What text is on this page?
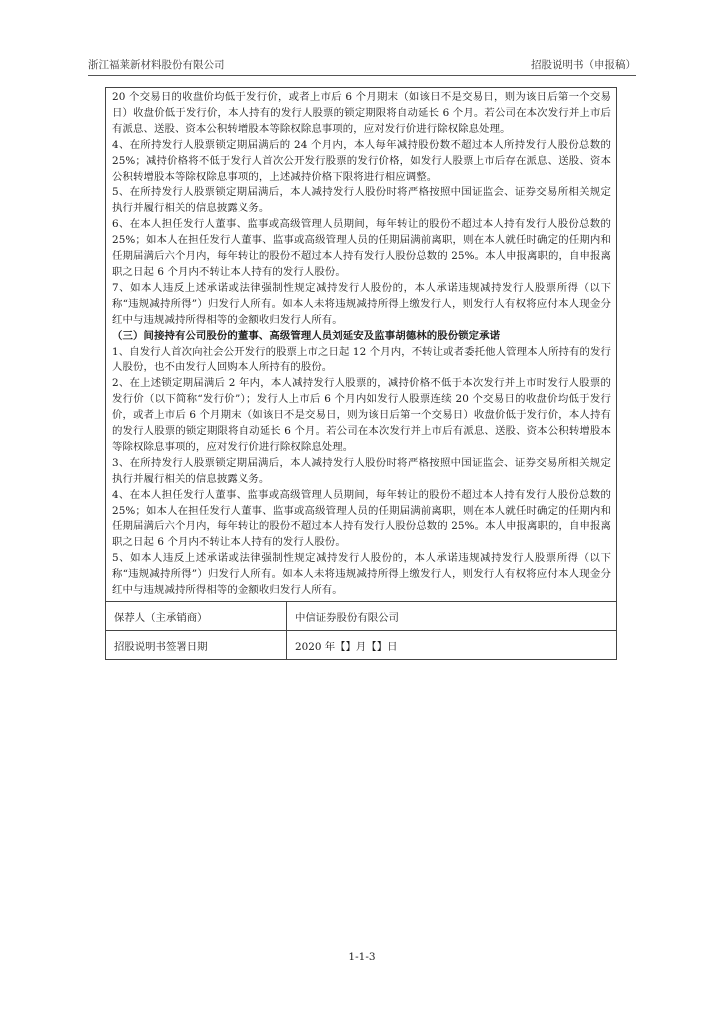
浙江福莱新材料股份有限公司	招股说明书（申报稿）

20 个交易日的收盘价均低于发行价，或者上市后 6 个月期末（如该日不是交易日，则为该日后第一个交易日）收盘价低于发行价，本人持有的发行人股票的锁定期限将自动延长 6 个月。若公司在本次发行并上市后有派息、送股、资本公积转增股本等除权除息事项的，应对发行价进行除权除息处理。

4、在所持发行人股票锁定期届满后的 24 个月内，本人每年减持股份数不超过本人所持发行人股份总数的 25%；减持价格将不低于发行人首次公开发行股票的发行价格，如发行人股票上市后存在派息、送股、资本公积转增股本等除权除息事项的，上述减持价格下限将进行相应调整。

5、在所持发行人股票锁定期届满后，本人减持发行人股份时将严格按照中国证监会、证券交易所相关规定执行并履行相关的信息披露义务。

6、在本人担任发行人董事、监事或高级管理人员期间，每年转让的股份不超过本人持有发行人股份总数的 25%；如本人在担任发行人董事、监事或高级管理人员的任期届满前离职，则在本人就任时确定的任期内和任期届满后六个月内，每年转让的股份不超过本人持有发行人股份总数的 25%。本人申报离职的，自申报离职之日起 6 个月内不转让本人持有的发行人股份。

7、如本人违反上述承诺或法律强制性规定减持发行人股份的，本人承诺违规减持发行人股票所得（以下称“违规减持所得”）归发行人所有。如本人未将违规减持所得上缴发行人，则发行人有权将应付本人现金分红中与违规减持所得相等的金额收归发行人所有。

（三）间接持有公司股份的董事、高级管理人员刘延安及监事胡德林的股份锁定承诺

1、自发行人首次向社会公开发行的股票上市之日起 12 个月内，不转让或者委托他人管理本人所持有的发行人股份，也不由发行人回购本人所持有的股份。

2、在上述锁定期届满后 2 年内，本人减持发行人股票的，减持价格不低于本次发行并上市时发行人股票的发行价（以下简称“发行价”）；发行人上市后 6 个月内如发行人股票连续 20 个交易日的收盘价均低于发行价，或者上市后 6 个月期末（如该日不是交易日，则为该日后第一个交易日）收盘价低于发行价，本人持有的发行人股票的锁定期限将自动延长 6 个月。若公司在本次发行并上市后有派息、送股、资本公积转增股本等除权除息事项的，应对发行价进行除权除息处理。

3、在所持发行人股票锁定期届满后，本人减持发行人股份时将严格按照中国证监会、证券交易所相关规定执行并履行相关的信息披露义务。

4、在本人担任发行人董事、监事或高级管理人员期间，每年转让的股份不超过本人持有发行人股份总数的 25%；如本人在担任发行人董事、监事或高级管理人员的任期届满前离职，则在本人就任时确定的任期内和任期届满后六个月内，每年转让的股份不超过本人持有发行人股份总数的 25%。本人申报离职的，自申报离职之日起 6 个月内不转让本人持有的发行人股份。

5、如本人违反上述承诺或法律强制性规定减持发行人股份的，本人承诺违规减持发行人股票所得（以下称“违规减持所得”）归发行人所有。如本人未将违规减持所得上缴发行人，则发行人有权将应付本人现金分红中与违规减持所得相等的金额收归发行人所有。

保荐人（主承销商）	中信证券股份有限公司
招股说明书签署日期	2020 年【】月【】日
1-1-3
